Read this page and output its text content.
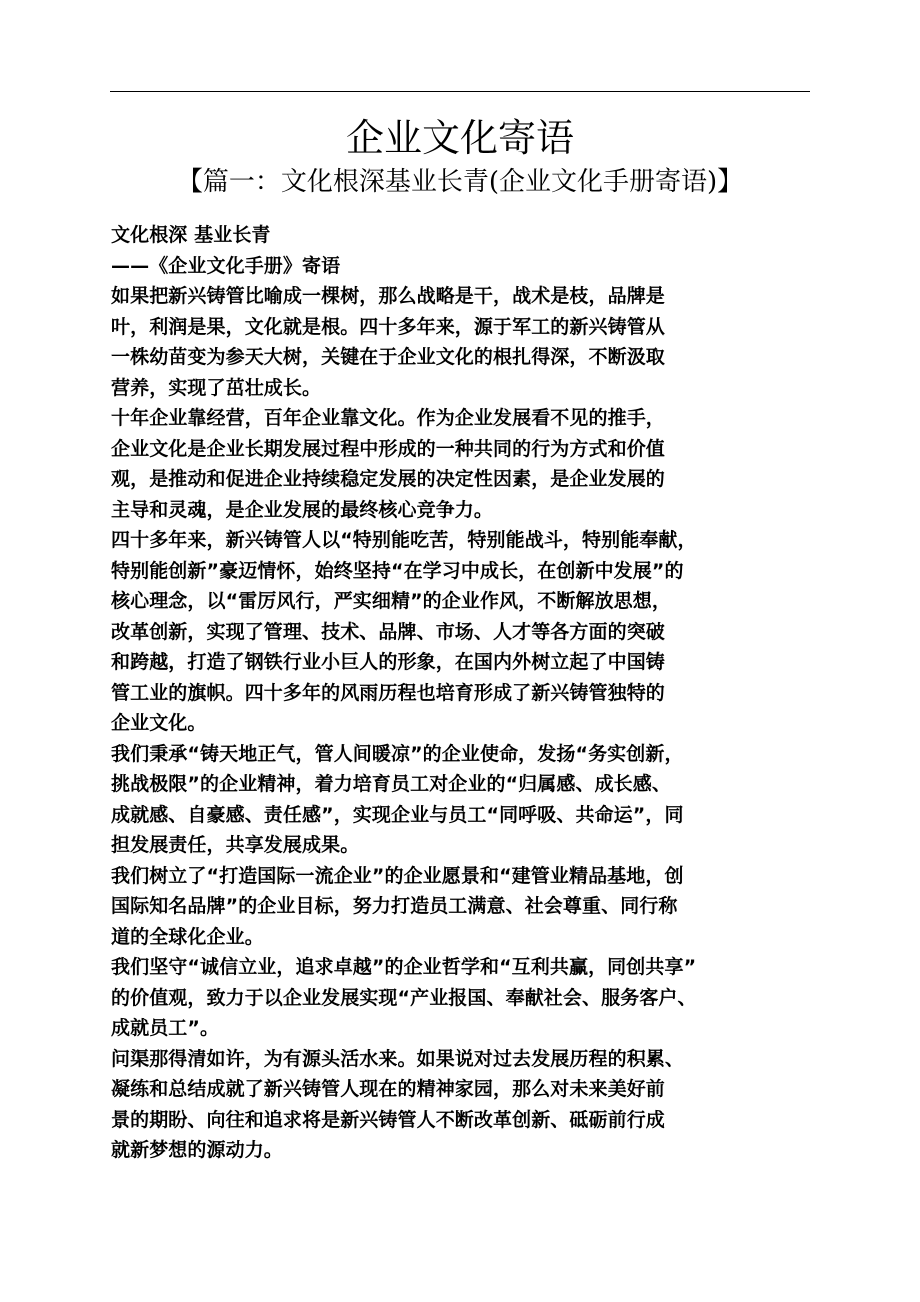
企业文化寄语
【篇一：文化根深基业长青(企业文化手册寄语)】
文化根深 基业长青
——《企业文化手册》寄语
如果把新兴铸管比喻成一棵树，那么战略是干，战术是枝，品牌是
叶，利润是果，文化就是根。四十多年来，源于军工的新兴铸管从
一株幼苗变为参天大树，关键在于企业文化的根扎得深，不断汲取
营养，实现了茁壮成长。
十年企业靠经营，百年企业靠文化。作为企业发展看不见的推手，
企业文化是企业长期发展过程中形成的一种共同的行为方式和价值
观，是推动和促进企业持续稳定发展的决定性因素，是企业发展的
主导和灵魂，是企业发展的最终核心竞争力。
四十多年来，新兴铸管人以“特别能吃苦，特别能战斗，特别能奉献，
特别能创新”豪迈情怀，始终坚持“在学习中成长，在创新中发展”的
核心理念，以“雷厉风行，严实细精”的企业作风，不断解放思想，
改革创新，实现了管理、技术、品牌、市场、人才等各方面的突破
和跨越，打造了钢铁行业小巨人的形象，在国内外树立起了中国铸
管工业的旗帜。四十多年的风雨历程也培育形成了新兴铸管独特的
企业文化。
我们秉承“铸天地正气，管人间暖凉”的企业使命，发扬“务实创新，
挑战极限”的企业精神，着力培育员工对企业的“归属感、成长感、
成就感、自豪感、责任感”，实现企业与员工“同呼吸、共命运”，同
担发展责任，共享发展成果。
我们树立了“打造国际一流企业”的企业愿景和“建管业精品基地，创
国际知名品牌”的企业目标，努力打造员工满意、社会尊重、同行称
道的全球化企业。
我们坚守“诚信立业，追求卓越”的企业哲学和“互利共赢，同创共享”
的价值观，致力于以企业发展实现“产业报国、奉献社会、服务客户、
成就员工”。
问渠那得清如许，为有源头活水来。如果说对过去发展历程的积累、
凝练和总结成就了新兴铸管人现在的精神家园，那么对未来美好前
景的期盼、向往和追求将是新兴铸管人不断改革创新、砥砺前行成
就新梦想的源动力。
